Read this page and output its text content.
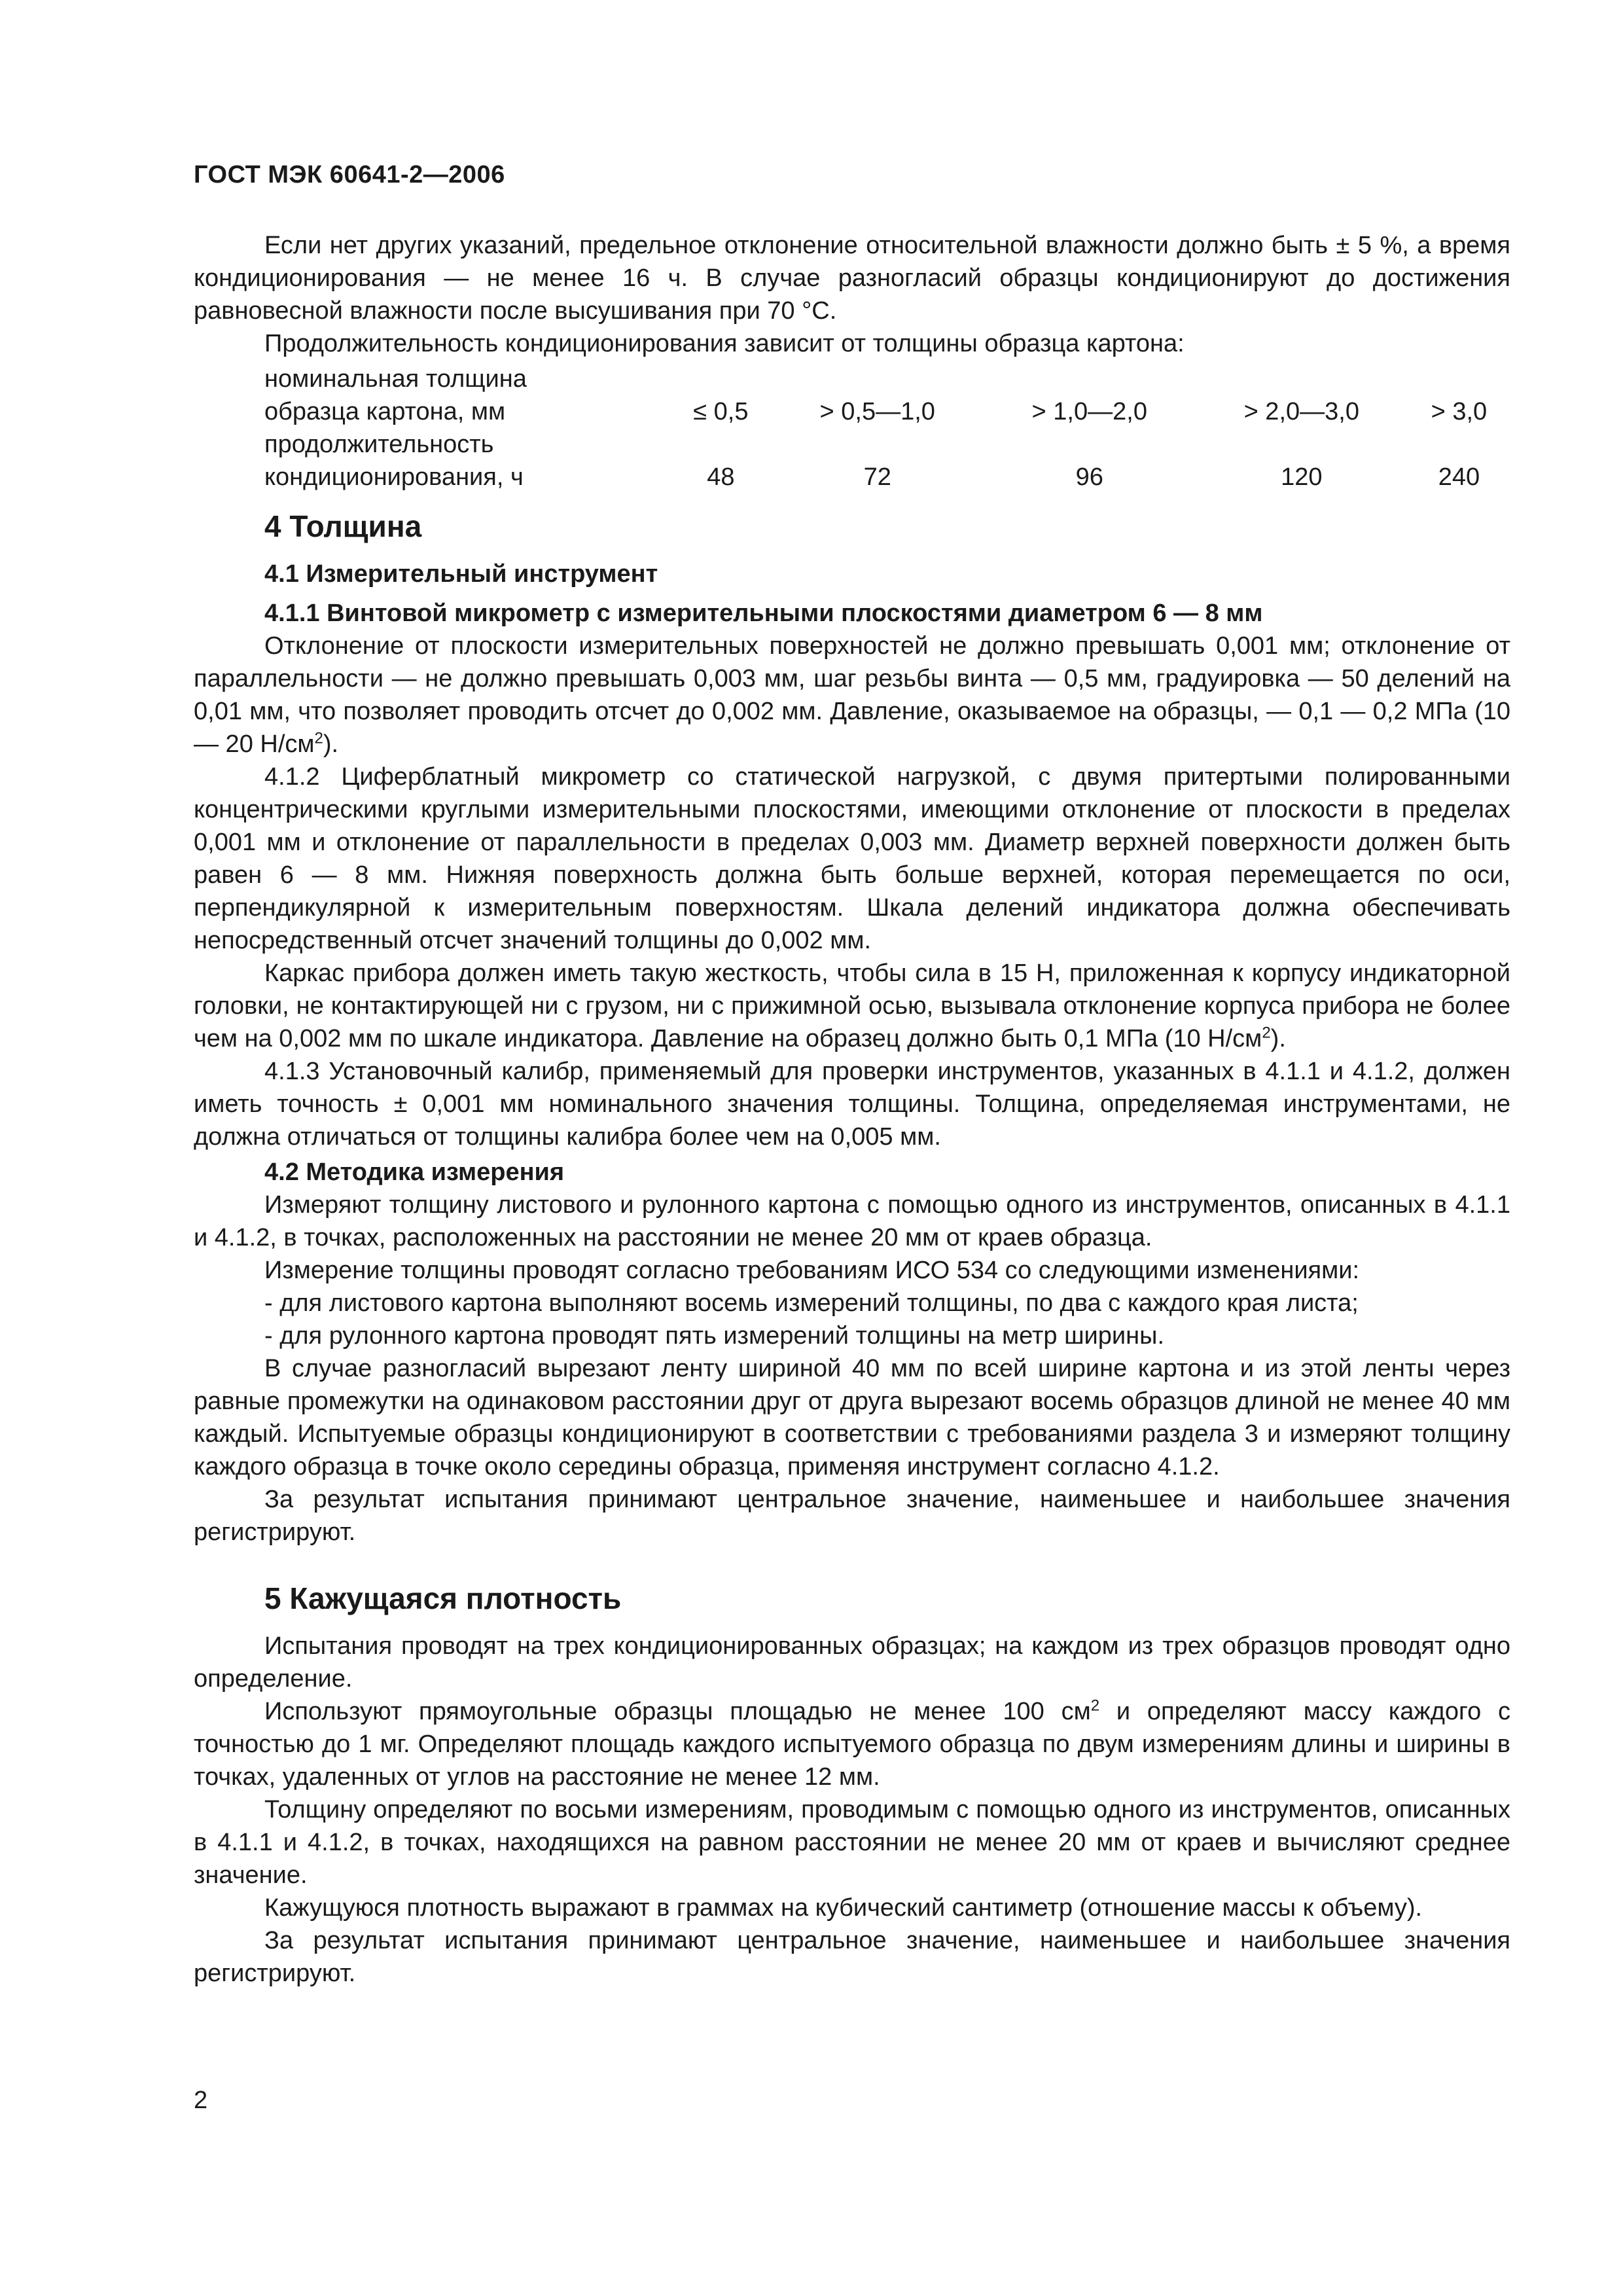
ГОСТ МЭК 60641-2—2006

Если нет других указаний, предельное отклонение относительной влажности должно быть ± 5 %, а время кондиционирования — не менее 16 ч. В случае разногласий образцы кондиционируют до достижения равновесной влажности после высушивания при 70 °С.

Продолжительность кондиционирования зависит от толщины образца картона:

номинальная толщина					
образца картона, мм	≤ 0,5	> 0,5—1,0	> 1,0—2,0	> 2,0—3,0	> 3,0
продолжительность					
кондиционирования, ч	48	72	96	120	240
4 Толщина
4.1 Измерительный инструмент
4.1.1 Винтовой микрометр с измерительными плоскостями диаметром 6 — 8 мм

Отклонение от плоскости измерительных поверхностей не должно превышать 0,001 мм; отклонение от параллельности — не должно превышать 0,003 мм, шаг резьбы винта — 0,5 мм, градуировка — 50 делений на 0,01 мм, что позволяет проводить отсчет до 0,002 мм. Давление, оказываемое на образцы, — 0,1 — 0,2 МПа (10 — 20 $Н/см^2$).

4.1.2 Циферблатный микрометр со статической нагрузкой, с двумя притертыми полированными концентрическими круглыми измерительными плоскостями, имеющими отклонение от плоскости в пределах 0,001 мм и отклонение от параллельности в пределах 0,003 мм. Диаметр верхней поверхности должен быть равен 6 — 8 мм. Нижняя поверхность должна быть больше верхней, которая перемещается по оси, перпендикулярной к измерительным поверхностям. Шкала делений индикатора должна обеспечивать непосредственный отсчет значений толщины до 0,002 мм.

Каркас прибора должен иметь такую жесткость, чтобы сила в 15 Н, приложенная к корпусу индикаторной головки, не контактирующей ни с грузом, ни с прижимной осью, вызывала отклонение корпуса прибора не более чем на 0,002 мм по шкале индикатора. Давление на образец должно быть 0,1 МПа (10 $Н/см^2$).

4.1.3 Установочный калибр, применяемый для проверки инструментов, указанных в 4.1.1 и 4.1.2, должен иметь точность ± 0,001 мм номинального значения толщины. Толщина, определяемая инструментами, не должна отличаться от толщины калибра более чем на 0,005 мм.

4.2 Методика измерения

Измеряют толщину листового и рулонного картона с помощью одного из инструментов, описанных в 4.1.1 и 4.1.2, в точках, расположенных на расстоянии не менее 20 мм от краев образца.

Измерение толщины проводят согласно требованиям ИСО 534 со следующими изменениями:

- для листового картона выполняют восемь измерений толщины, по два с каждого края листа;

- для рулонного картона проводят пять измерений толщины на метр ширины.

В случае разногласий вырезают ленту шириной 40 мм по всей ширине картона и из этой ленты через равные промежутки на одинаковом расстоянии друг от друга вырезают восемь образцов длиной не менее 40 мм каждый. Испытуемые образцы кондиционируют в соответствии с требованиями раздела 3 и измеряют толщину каждого образца в точке около середины образца, применяя инструмент согласно 4.1.2.

За результат испытания принимают центральное значение, наименьшее и наибольшее значения регистрируют.

5 Кажущаяся плотность

Испытания проводят на трех кондиционированных образцах; на каждом из трех образцов проводят одно определение.

Используют прямоугольные образцы площадью не менее 100 $см^2$ и определяют массу каждого с точностью до 1 мг. Определяют площадь каждого испытуемого образца по двум измерениям длины и ширины в точках, удаленных от углов на расстояние не менее 12 мм.

Толщину определяют по восьми измерениям, проводимым с помощью одного из инструментов, описанных в 4.1.1 и 4.1.2, в точках, находящихся на равном расстоянии не менее 20 мм от краев и вычисляют среднее значение.

Кажущуюся плотность выражают в граммах на кубический сантиметр (отношение массы к объему).

За результат испытания принимают центральное значение, наименьшее и наибольшее значения регистрируют.

2
